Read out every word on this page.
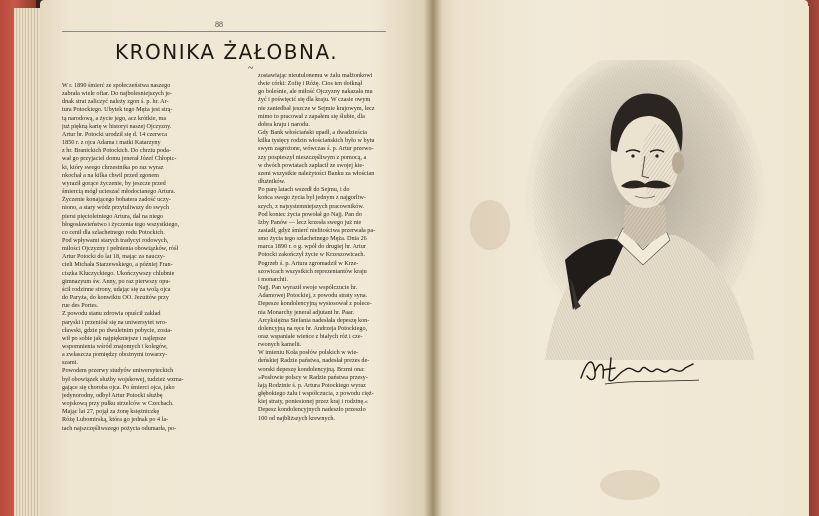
88
KRONIKA ŻAŁOBNA.
~
W r. 1890 śmierć ze społeczeństwa naszego
zabrała wiele ofiar. Do najbolesniejszych je-
dnak strat zaliczyć należy zgon ś. p. hr. Ar-
tura Potockiego. Ubytek tego Męża jest strą-
tą narodową, a życie jego, acz krótkie, ma
już piękną kartę w historyi naszej Ojczyzny.
Artur hr. Potocki urodził się d. 14 czerwca
1850 r. z ojca Adama i matki Katarzyny
z hr. Branickich Potockich. Do chrztu poda-
wał go przyjaciel domu jenerał Józef Chłopic-
ki, który swego chrzestnika po raz wyraz
nkochał a na kilka chwil przed zgonem
wyraził gorące życzenie, by jeszcze przed
śmiercią mógł ucieszać młodocianego Artura.
Życzenie konającego bohatera zadość uczy-
niono, a stary wódz przytuliwszy do swych
piersi pięcioletniego Artura, dał na niego
błogosławieństwo i życzenia tego wszystkiego,
co cenił dla szlachetnego rodu Potockich.
Pod wpływami starych tradycyi rodowych,
miłości Ojczyzny i pełnienia obowiązków, róśł
Artur Potocki do lat 18, mając za nauczy-
cieli Michała Starzewskiego, a później Fran-
ciszka Kluczyckiego. Ukończywszy chlubnie
gimnazyum św. Anny, po raz pierwszy opu-
ścił rodzinne strony, udając się za wolą ojca
do Paryża, do konwiktu OO. Jezuitów przy
rue des Portes.
Z powodu stanu zdrowia opuścił zakład
paryski i przeniósł się na uniwersytet wro-
cławski, gdzie po dwuletnim pobycie, zosta-
wił po sobie jak najpiękniejsze i najlepsze
wspomnienia wśród znajomych i kolegów,
a zwłaszcza pomiędzy obożnymi towarzy-
szami.
Powodem przerwy studyów uniwersyteckich
był obowiązek służby wojskowej, tudzież wzma-
gające się choroba ojca. Po śmierci ojca, jako
jedynorodny, odbył Artur Potocki służbę
wojskową przy pułku strzelców w Czechach.
Mając lat 27, pojął za żonę księżniczkę
Różę Lubomirską, która go jednak po 4 la-
tach najszczęśliwszego pożycia odumarła, po-
zostawiając nieutulonemu w żalu małżonkowi
dwie córki: Zofię i Różę. Cios ten dotknął
go boleśnie, ale miłość Ojczyzny nakazała mu
żyć i poświęcić się dla kraju. W czasie owym
nie zaniedbał jeszcze w Sejmie krajowym, lecz
mimo to pracował z zapałem się ślubie, dla
dobra kraju i narodu.
Gdy Bank włościański upadł, a dwadzieścia
kilka tysięcy rodzin włościańskich było w bytu
swym zagrożone, wówczas ś. p. Artur przewo-
zzy pospieszył nieszczęśliwym z pomocą, a
w dwóch powiatach zapłacił ze swojej kie-
szeni wszystkie należytości Banku za włościan
dłużników.
Po parę latach wszedł do Sejmu, i do
końca swego życia był jednym z najgorliw-
szych, z najsystemniejszych pracowników.
Pod koniec życia powołał go Najj. Pan do
Izby Panów — lecz krzesła swego już nie
zasiadł, gdyż śmierć nielitościwa przerwała pa-
smo życia tego szlachetnego Męża. Dnia 26
marca 1890 r. o g. wpół do drugiej hr. Artur
Potocki zakończył życie w Krzeszowicach.
Pogrzeb ś. p. Artura zgromadził w Krze-
szowicach wszystkich reprezentantów kraju
i monarchii.
Najj. Pan wyraził swoje współczucie hr.
Adamowej Potockiej, z powodu straty syna.
Depesze kondolencyjną wystosował z polece-
nia Monarchy jenerał adjutant hr. Paar.
Arcyksiężna Stefania nadesłała depeszę kon-
dolencyjną na ręce hr. Andrzeja Potockiego,
oraz wspaniałe wieńce z białych róż i cze-
rwonych kamelii.
W imieniu Koła posłów polskich w wie-
deńskiej Radzie państwa, nadesłał prezes de-
worski depeszę kondolencyjną. Brzmi ona:
»Posłowie polscy w Radzie państwa przesy-
łają Rodzinie ś. p. Artura Potockiego wyraz
głębokiego żalu i współczucia, z powodu cięż-
kiej straty, poniesionej przez kraj i rodzinę.«
Depesz kondolencyjnych nadeszło przeszło
100 od najbliższych krewnych.
